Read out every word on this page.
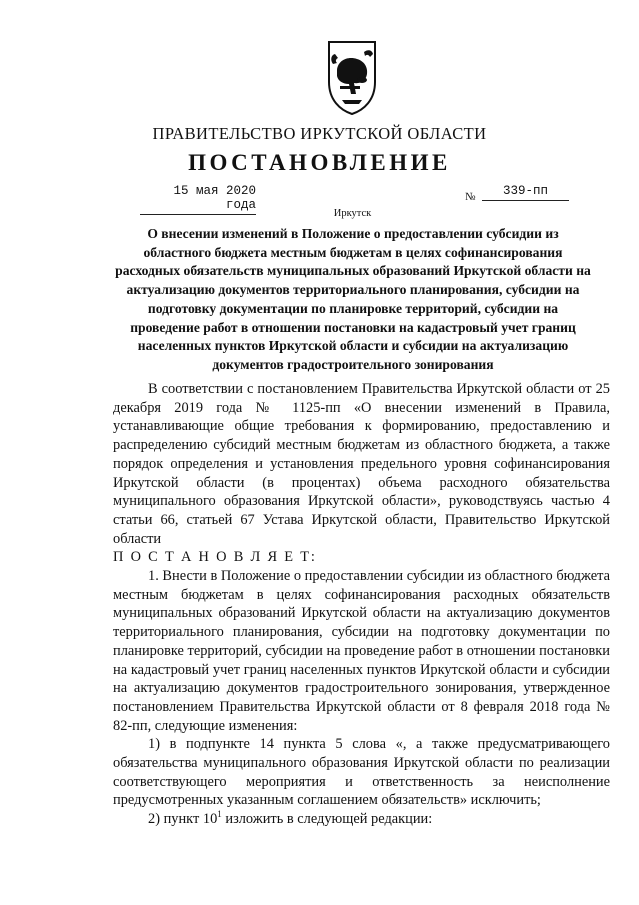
ПРАВИТЕЛЬСТВО ИРКУТСКОЙ ОБЛАСТИ
ПОСТАНОВЛЕНИЕ
15 мая 2020 года
№	339-пп
Иркутск
О внесении изменений в Положение о предоставлении субсидии из областного бюджета местным бюджетам в целях софинансирования расходных обязательств муниципальных образований Иркутской области на актуализацию документов территориального планирования, субсидии на подготовку документации по планировке территорий, субсидии на проведение работ в отношении постановки на кадастровый учет границ населенных пунктов Иркутской области и субсидии на актуализацию документов градостроительного зонирования

В соответствии с постановлением Правительства Иркутской области от 25 декабря 2019 года № 1125-пп «О внесении изменений в Правила, устанавливающие общие требования к формированию, предоставлению и распределению субсидий местным бюджетам из областного бюджета, а также порядок определения и установления предельного уровня софинансирования Иркутской области (в процентах) объема расходного обязательства муниципального образования Иркутской области», руководствуясь частью 4 статьи 66, статьей 67 Устава Иркутской области, Правительство Иркутской области

П О С Т А Н О В Л Я Е Т:

1. Внести в Положение о предоставлении субсидии из областного бюджета местным бюджетам в целях софинансирования расходных обязательств муниципальных образований Иркутской области на актуализацию документов территориального планирования, субсидии на подготовку документации по планировке территорий, субсидии на проведение работ в отношении постановки на кадастровый учет границ населенных пунктов Иркутской области и субсидии на актуализацию документов градостроительного зонирования, утвержденное постановлением Правительства Иркутской области от 8 февраля 2018 года № 82-пп, следующие изменения:

1) в подпункте 14 пункта 5 слова «, а также предусматривающего обязательства муниципального образования Иркутской области по реализации соответствующего мероприятия и ответственность за неисполнение предусмотренных указанным соглашением обязательств» исключить;

2) пункт $10^1$ изложить в следующей редакции:
